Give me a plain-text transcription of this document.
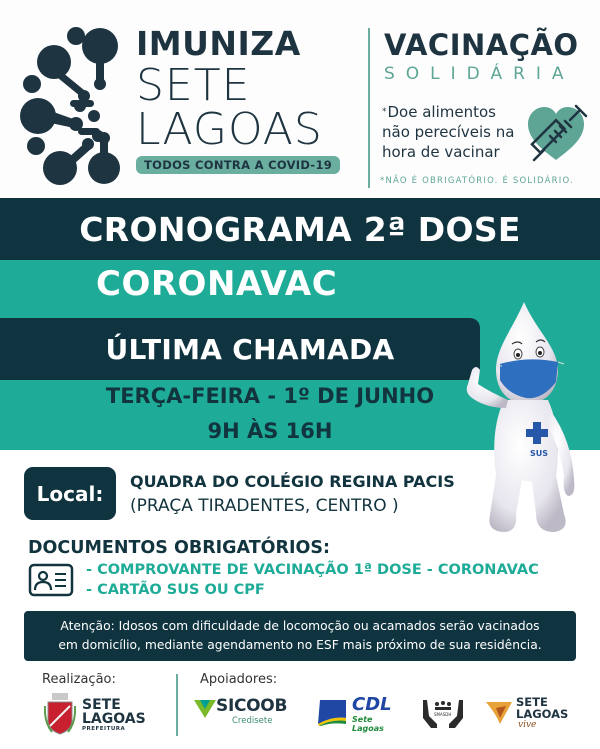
IMUNIZA
SETE
LAGOAS
TODOS CONTRA A COVID-19
VACINAÇÃO
SOLIDÁRIA
*Doe alimentos
não perecíveis na
hora de vacinar
*NÃO É OBRIGATÓRIO. É SOLIDÁRIO.
CRONOGRAMA 2ª DOSE
CORONAVAC
ÚLTIMA CHAMADA
TERÇA-FEIRA - 1º DE JUNHO
9H ÀS 16H
SUS
Local: QUADRA DO COLÉGIO REGINA PACIS
(PRAÇA TIRADENTES, CENTRO )
DOCUMENTOS OBRIGATÓRIOS:
- COMPROVANTE DE VACINAÇÃO 1ª DOSE - CORONAVAC
- CARTÃO SUS OU CPF
Atenção: Idosos com dificuldade de locomoção ou acamados serão vacinados
em domicílio, mediante agendamento no ESF mais próximo de sua residência.
Realização:	Apoiadores:
SETE
LAGOAS
PREFEITURA
SICOOB
Credisete
CDL
Sete Lagoas
SMASDH
SETE
LAGOAS
vive
